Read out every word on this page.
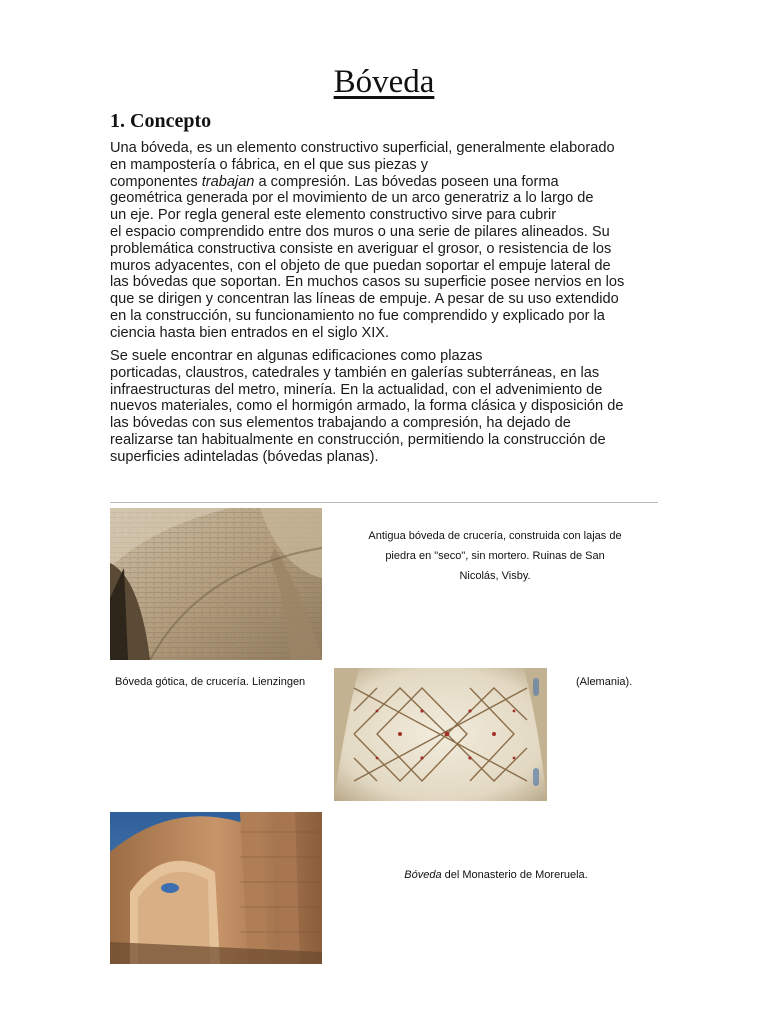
Bóveda
1. Concepto
Una bóveda, es un elemento constructivo superficial, generalmente elaborado
en mampostería o fábrica, en el que sus piezas y
componentes trabajan a compresión. Las bóvedas poseen una forma
geométrica generada por el movimiento de un arco generatriz a lo largo de
un eje. Por regla general este elemento constructivo sirve para cubrir
el espacio comprendido entre dos muros o una serie de pilares alineados. Su
problemática constructiva consiste en averiguar el grosor, o resistencia de los
muros adyacentes, con el objeto de que puedan soportar el empuje lateral de
las bóvedas que soportan. En muchos casos su superficie posee nervios en los
que se dirigen y concentran las líneas de empuje. A pesar de su uso extendido
en la construcción, su funcionamiento no fue comprendido y explicado por la
ciencia hasta bien entrados en el siglo XIX.
Se suele encontrar en algunas edificaciones como plazas
porticadas, claustros, catedrales y también en galerías subterráneas, en las
infraestructuras del metro, minería. En la actualidad, con el advenimiento de
nuevos materiales, como el hormigón armado, la forma clásica y disposición de
las bóvedas con sus elementos trabajando a compresión, ha dejado de
realizarse tan habitualmente en construcción, permitiendo la construcción de
superficies adinteladas (bóvedas planas).
Antigua bóveda de crucería, construida con lajas de
piedra en "seco", sin mortero. Ruinas de San
Nicolás, Visby.
Bóveda gótica, de crucería. Lienzingen	(Alemania).
Bóveda del Monasterio de Moreruela.
